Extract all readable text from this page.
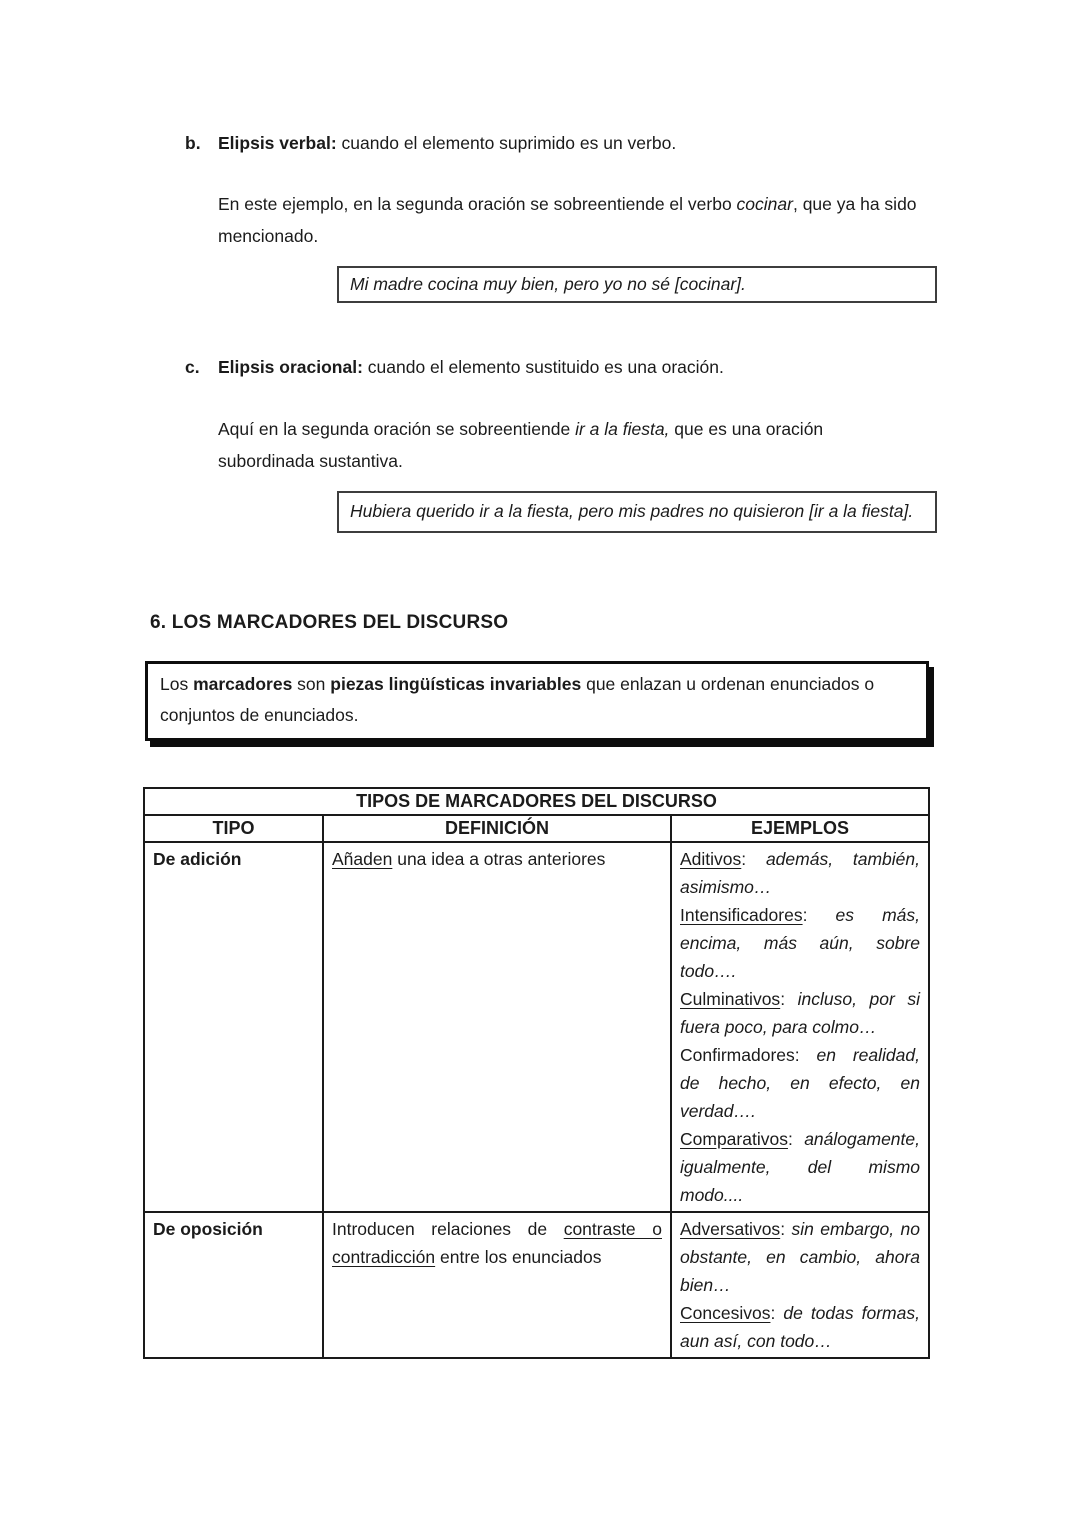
b. Elipsis verbal: cuando el elemento suprimido es un verbo.
En este ejemplo, en la segunda oración se sobreentiende el verbo cocinar, que ya ha sido mencionado.
Mi madre cocina muy bien, pero yo no sé [cocinar].
c. Elipsis oracional: cuando el elemento sustituido es una oración.
Aquí en la segunda oración se sobreentiende ir a la fiesta, que es una oración subordinada sustantiva.
Hubiera querido ir a la fiesta, pero mis padres no quisieron [ir a la fiesta].
6. LOS MARCADORES DEL DISCURSO
Los marcadores son piezas lingüísticas invariables que enlazan u ordenan enunciados o conjuntos de enunciados.
TIPOS DE MARCADORES DEL DISCURSO		
TIPO	DEFINICIÓN	EJEMPLOS
De adición	Añaden una idea a otras anteriores	Aditivos: además, también, asimismo…
Intensificadores: es más, encima, más aún, sobre todo….
Culminativos: incluso, por si fuera poco, para colmo…
Confirmadores: en realidad, de hecho, en efecto, en verdad….
Comparativos: análogamente, igualmente, del mismo modo....

De oposición	Introducen relaciones de contraste o contradicción entre los enunciados	Adversativos: sin embargo, no obstante, en cambio, ahora bien…
Concesivos: de todas formas, aun así, con todo…
